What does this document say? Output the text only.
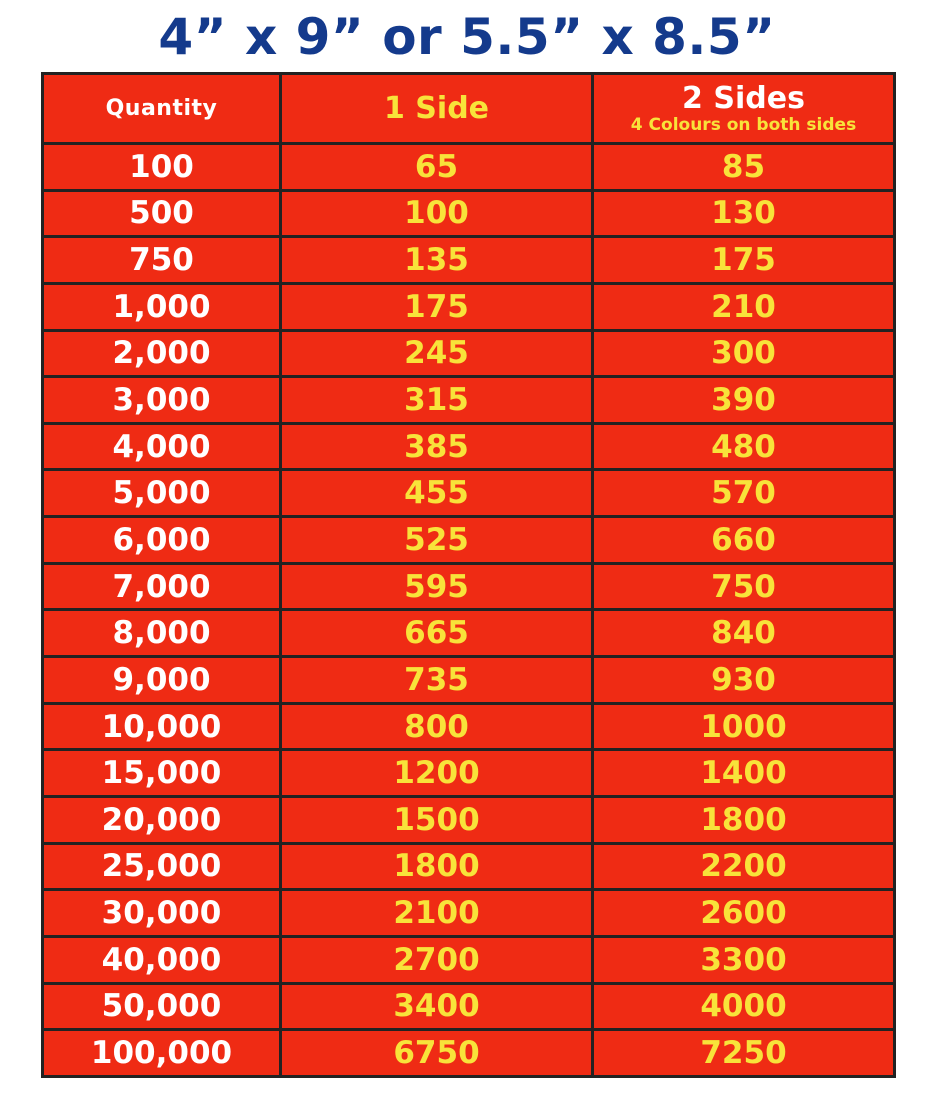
4” x 9” or 5.5” x 8.5”
Quantity	1 Side	2 Sides
4 Colours on both sides

100	65	85
500	100	130
750	135	175
1,000	175	210
2,000	245	300
3,000	315	390
4,000	385	480
5,000	455	570
6,000	525	660
7,000	595	750
8,000	665	840
9,000	735	930
10,000	800	1000
15,000	1200	1400
20,000	1500	1800
25,000	1800	2200
30,000	2100	2600
40,000	2700	3300
50,000	3400	4000
100,000	6750	7250
